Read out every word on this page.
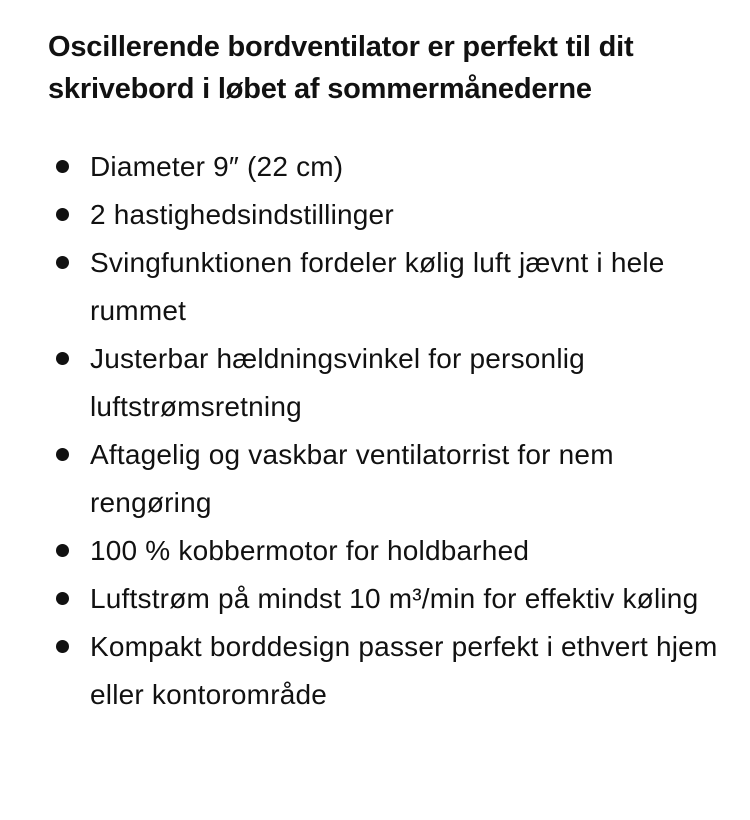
Oscillerende bordventilator er perfekt til dit skrivebord i løbet af sommermånederne
Diameter 9″ (22 cm)
2 hastighedsindstillinger
Svingfunktionen fordeler kølig luft jævnt i hele rummet
Justerbar hældningsvinkel for personlig luftstrømsretning
Aftagelig og vaskbar ventilatorrist for nem rengøring
100 % kobbermotor for holdbarhed
Luftstrøm på mindst 10 m³/min for effektiv køling
Kompakt borddesign passer perfekt i ethvert hjem eller kontorområde
